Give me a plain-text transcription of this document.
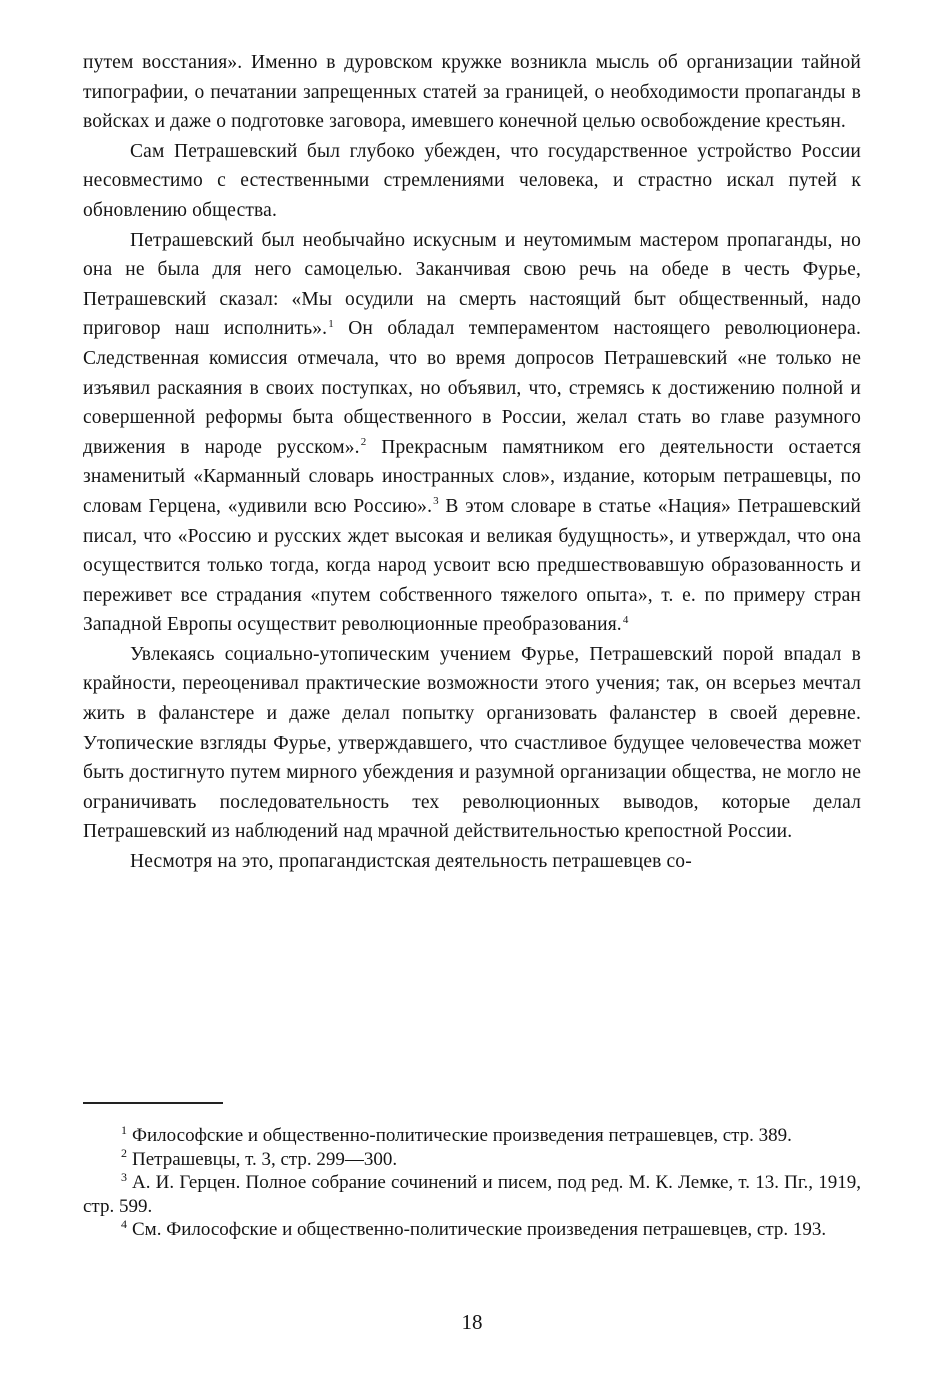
путем восстания». Именно в дуровском кружке возникла мысль об организации тайной типографии, о печатании запрещенных статей за границей, о необходимости пропаганды в войсках и даже о подготовке заговора, имевшего конечной целью освобождение крестьян.

Сам Петрашевский был глубоко убежден, что государственное устройство России несовместимо с естественными стремлениями человека, и страстно искал путей к обновлению общества.

Петрашевский был необычайно искусным и неутомимым мастером пропаганды, но она не была для него самоцелью. Заканчивая свою речь на обеде в честь Фурье, Петрашевский сказал: «Мы осудили на смерть настоящий быт общественный, надо приговор наш исполнить».$^1$ Он обладал темпераментом настоящего революционера. Следственная комиссия отмечала, что во время допросов Петрашевский «не только не изъявил раскаяния в своих поступках, но объявил, что, стремясь к достижению полной и совершенной реформы быта общественного в России, желал стать во главе разумного движения в народе русском».$^2$ Прекрасным памятником его деятельности остается знаменитый «Карманный словарь иностранных слов», издание, которым петрашевцы, по словам Герцена, «удивили всю Россию».$^3$ В этом словаре в статье «Нация» Петрашевский писал, что «Россию и русских ждет высокая и великая будущность», и утверждал, что она осуществится только тогда, когда народ усвоит всю предшествовавшую образованность и переживет все страдания «путем собственного тяжелого опыта», т. е. по примеру стран Западной Европы осуществит революционные преобразования.$^4$

Увлекаясь социально-утопическим учением Фурье, Петрашевский порой впадал в крайности, переоценивал практические возможности этого учения; так, он всерьез мечтал жить в фаланстере и даже делал попытку организовать фаланстер в своей деревне. Утопические взгляды Фурье, утверждавшего, что счастливое будущее человечества может быть достигнуто путем мирного убеждения и разумной организации общества, не могло не ограничивать последовательность тех революционных выводов, которые делал Петрашевский из наблюдений над мрачной действительностью крепостной России.

Несмотря на это, пропагандистская деятельность петрашевцев со-

$^1$ Философские и общественно-политические произведения петрашевцев, стр. 389.

$^2$ Петрашевцы, т. 3, стр. 299—300.

$^3$ А. И. Герцен. Полное собрание сочинений и писем, под ред. М. К. Лемке, т. 13. Пг., 1919, стр. 599.

$^4$ См. Философские и общественно-политические произведения петрашевцев, стр. 193.

18
